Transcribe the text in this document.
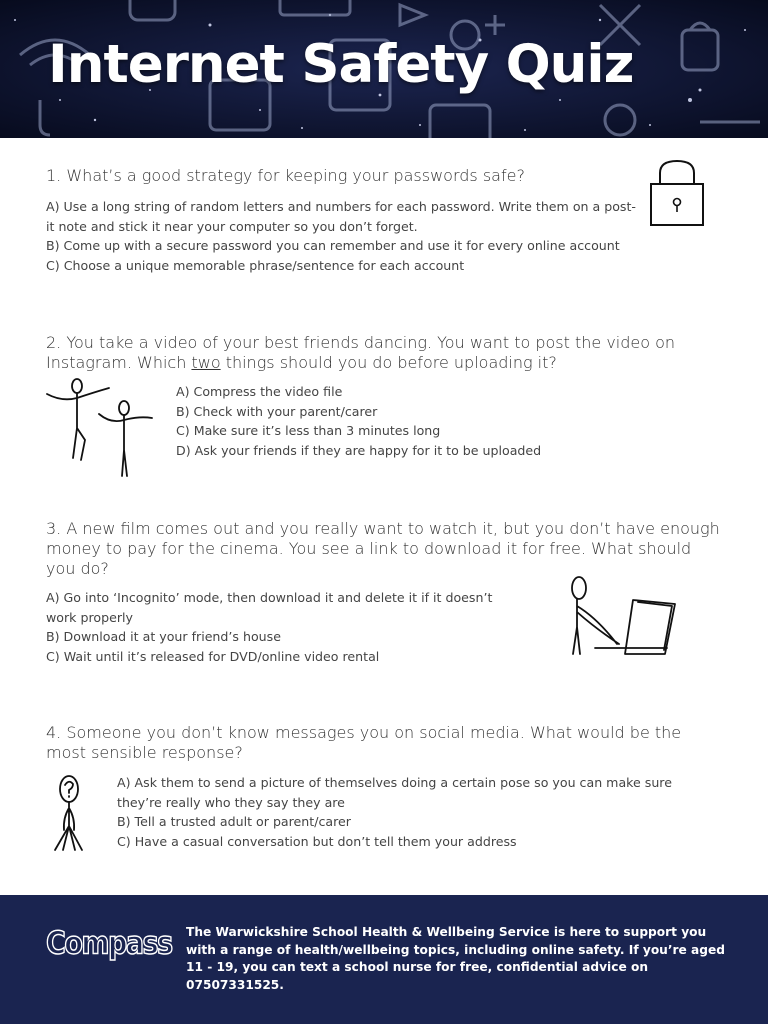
Internet Safety Quiz

1. What’s a good strategy for keeping your passwords safe?

A) Use a long string of random letters and numbers for each password. Write them on a post-it note and stick it near your computer so you don’t forget.
B) Come up with a secure password you can remember and use it for every online account
C) Choose a unique memorable phrase/sentence for each account

2. You take a video of your best friends dancing. You want to post the video on Instagram. Which two things should you do before uploading it?

A) Compress the video file
B) Check with your parent/carer
C) Make sure it’s less than 3 minutes long
D) Ask your friends if they are happy for it to be uploaded

3. A new film comes out and you really want to watch it, but you don’t have enough money to pay for the cinema. You see a link to download it for free. What should you do?

A) Go into ‘Incognito’ mode, then download it and delete it if it doesn’t work properly
B) Download it at your friend’s house
C) Wait until it’s released for DVD/online video rental

4. Someone you don’t know messages you on social media. What would be the most sensible response?

A) Ask them to send a picture of themselves doing a certain pose so you can make sure they’re really who they say they are
B) Tell a trusted adult or parent/carer
C) Have a casual conversation but don’t tell them your address

Compass The Warwickshire School Health & Wellbeing Service is here to support you with a range of health/wellbeing topics, including online safety. If you’re aged 11 - 19, you can text a school nurse for free, confidential advice on 07507331525.
